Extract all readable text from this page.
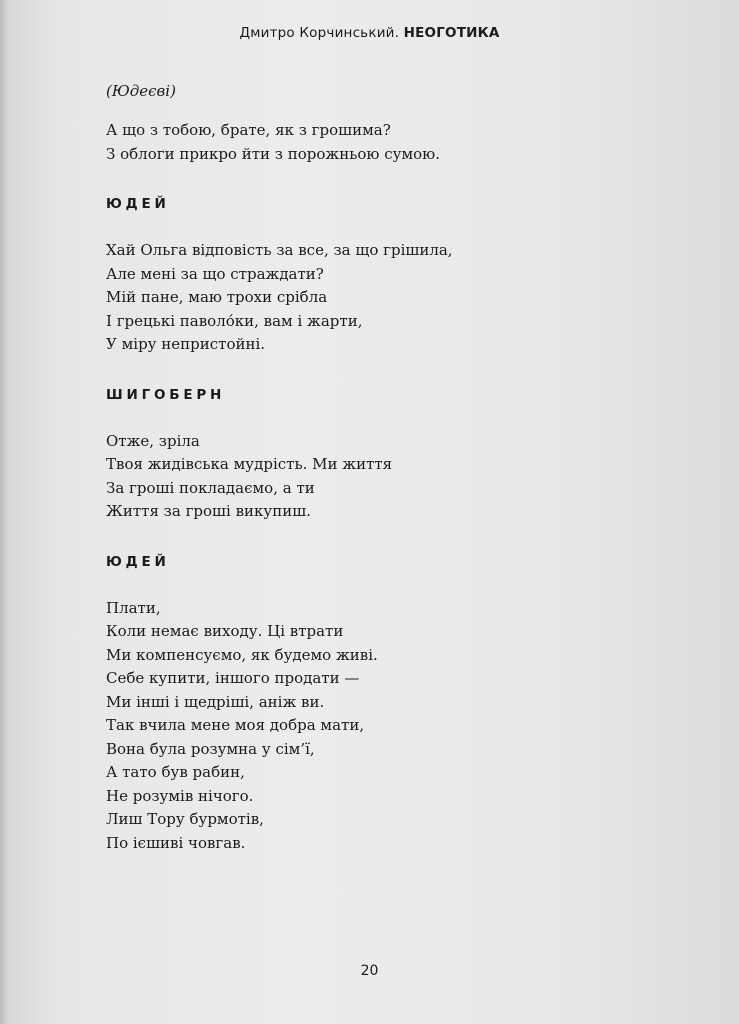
Дмитро Корчинський. НЕОГОТИКА
(Юдеєві)
А що з тобою, брате, як з грошима?
З облоги прикро йти з порожньою сумою.
ЮДЕЙ
Хай Ольга відповість за все, за що грішила,
Але мені за що страждати?
Мій пане, маю трохи срібла
І грецькі паволо́ки, вам і жарти,
У міру непристойні.
ШИГОБЕРН
Отже, зріла
Твоя жидівська мудрість. Ми життя
За гроші покладаємо, а ти
Життя за гроші викупиш.
ЮДЕЙ
Плати,
Коли немає виходу. Ці втрати
Ми компенсуємо, як будемо живі.
Себе купити, іншого продати —
Ми інші і щедріші, аніж ви.
Так вчила мене моя добра мати,
Вона була розумна у сім’ї,
А тато був рабин,
Не розумів нічого.
Лиш Тору бурмотів,
По ієшиві човгав.
20
